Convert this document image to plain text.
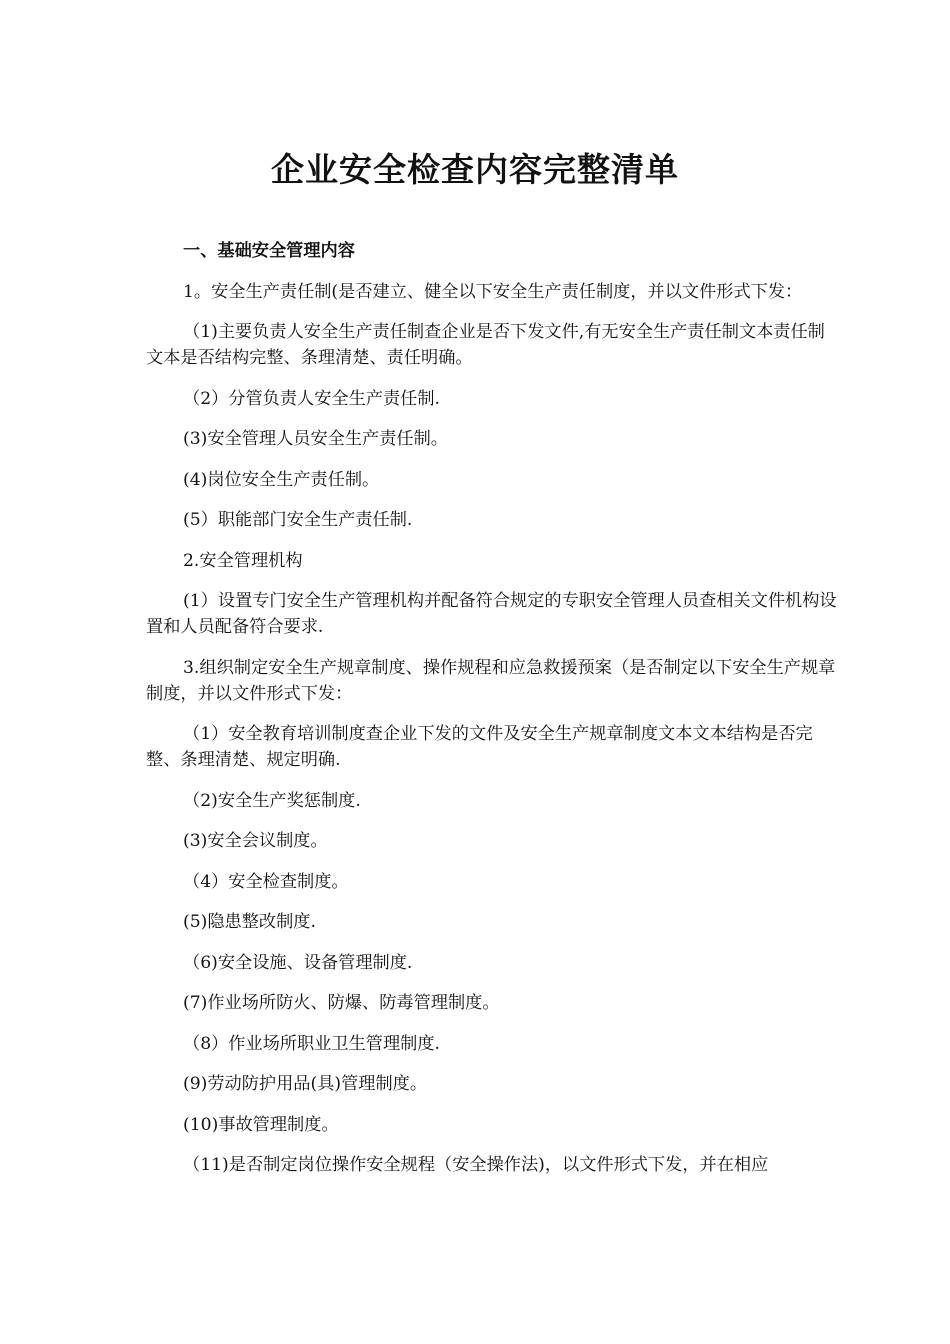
企业安全检查内容完整清单

一、基础安全管理内容

1。安全生产责任制(是否建立、健全以下安全生产责任制度，并以文件形式下发：

（1)主要负责人安全生产责任制查企业是否下发文件,有无安全生产责任制文本责任制文本是否结构完整、条理清楚、责任明确。

（2）分管负责人安全生产责任制.

(3)安全管理人员安全生产责任制。

(4)岗位安全生产责任制。

(5）职能部门安全生产责任制.

2.安全管理机构

(1）设置专门安全生产管理机构并配备符合规定的专职安全管理人员查相关文件机构设置和人员配备符合要求.

3.组织制定安全生产规章制度、操作规程和应急救援预案（是否制定以下安全生产规章制度，并以文件形式下发：

（1）安全教育培训制度查企业下发的文件及安全生产规章制度文本文本结构是否完整、条理清楚、规定明确.

（2)安全生产奖惩制度.

(3)安全会议制度。

（4）安全检查制度。

(5)隐患整改制度.

（6)安全设施、设备管理制度.

(7)作业场所防火、防爆、防毒管理制度。

（8）作业场所职业卫生管理制度.

(9)劳动防护用品(具)管理制度。

(10)事故管理制度。

（11)是否制定岗位操作安全规程（安全操作法)，以文件形式下发，并在相应
